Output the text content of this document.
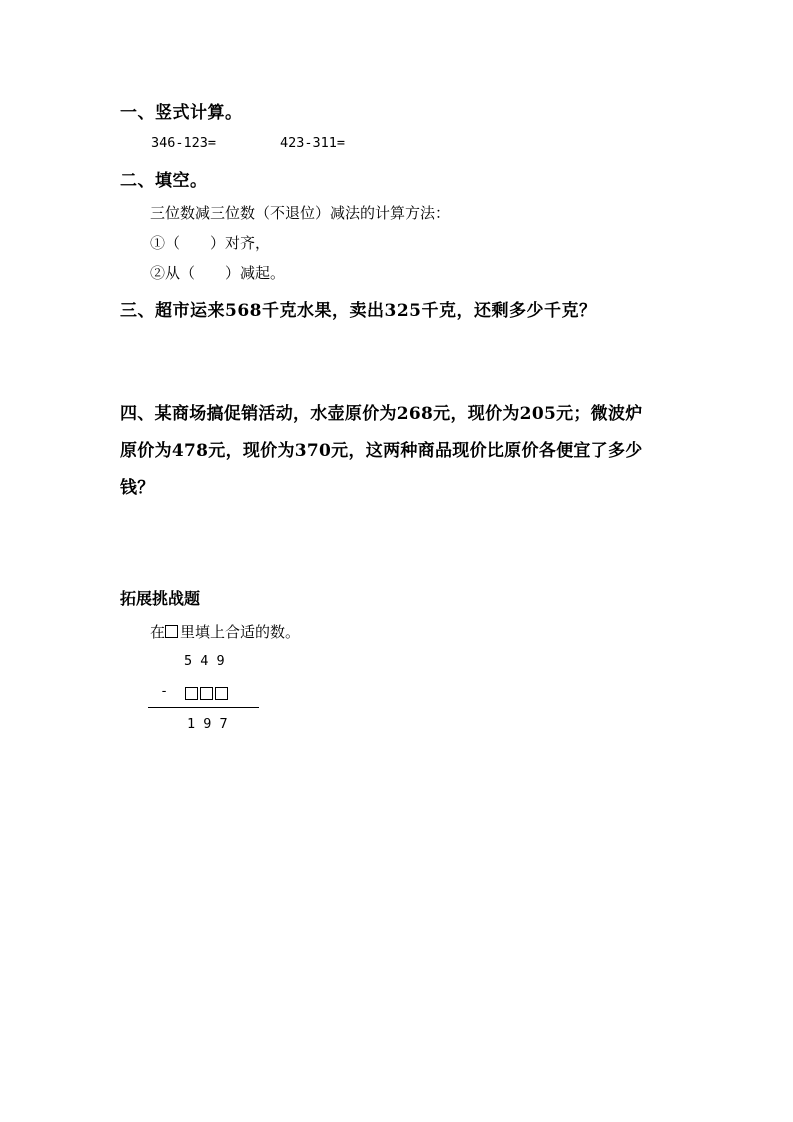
一、竖式计算。
346-123=	423-311=
二、填空。
三位数减三位数（不退位）减法的计算方法：
①（　　）对齐，
②从（　　）减起。
三、超市运来568千克水果，卖出325千克，还剩多少千克？
四、某商场搞促销活动，水壶原价为268元，现价为205元；微波炉
原价为478元，现价为370元，这两种商品现价比原价各便宜了多少
钱？
拓展挑战题
在 里填上合适的数。
5 4 9
-
1 9 7
